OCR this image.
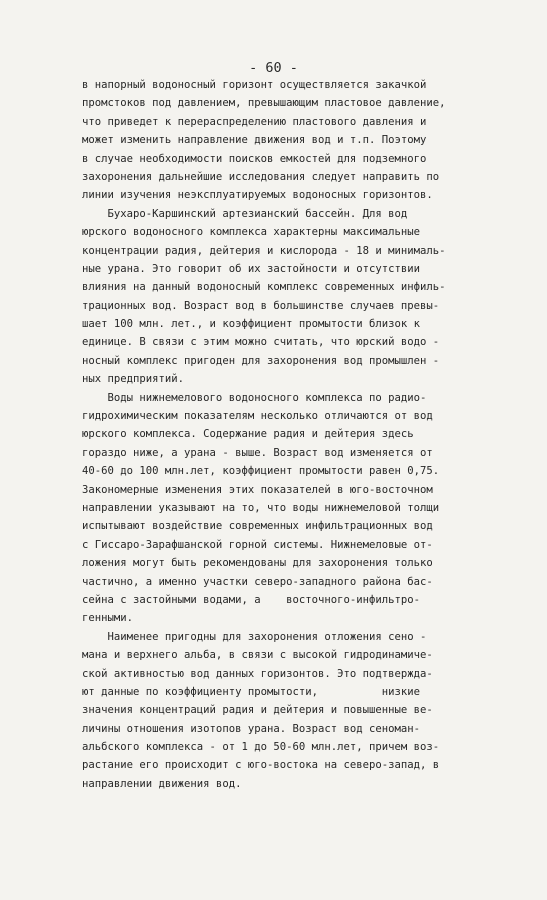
- 60 -
в напорный водоносный горизонт осуществляется закачкой
промстоков под давлением, превышающим пластовое давление,
что приведет к перераспределению пластового давления и
может изменить направление движения вод и т.п. Поэтому
в случае необходимости поисков емкостей для подземного
захоронения дальнейшие исследования следует направить по
линии изучения неэксплуатируемых водоносных горизонтов.
Бухаро-Каршинский артезианский бассейн. Для вод
юрского водоносного комплекса характерны максимальные
концентрации радия, дейтерия и кислорода - 18 и минималь-
ные урана. Это говорит об их застойности и отсутствии
влияния на данный водоносный комплекс современных инфиль-
трационных вод. Возраст вод в большинстве случаев превы-
шает 100 млн. лет., и коэффициент промытости близок к
единице. В связи с этим можно считать, что юрский водо -
носный комплекс пригоден для захоронения вод промышлен -
ных предприятий.
Воды нижнемелового водоносного комплекса по радио-
гидрохимическим показателям несколько отличаются от вод
юрского комплекса. Содержание радия и дейтерия здесь
гораздо ниже, а урана - выше. Возраст вод изменяется от
40-60 до 100 млн.лет, коэффициент промытости равен 0,75.
Закономерные изменения этих показателей в юго-восточном
направлении указывают на то, что воды нижнемеловой толщи
испытывают воздействие современных инфильтрационных вод
с Гиссаро-Зарафшанской горной системы. Нижнемеловые от-
ложения могут быть рекомендованы для захоронения только
частично, а именно участки северо-западного района бас-
сейна с застойными водами, а    восточного-инфильтро-
генными.
Наименее пригодны для захоронения отложения сено -
мана и верхнего альба, в связи с высокой гидродинамиче-
ской активностью вод данных горизонтов. Это подтвержда-
ют данные по коэффициенту промытости,          низкие
значения концентраций радия и дейтерия и повышенные ве-
личины отношения изотопов урана. Возраст вод сеноман-
альбского комплекса - от 1 до 50-60 млн.лет, причем воз-
растание его происходит с юго-востока на северо-запад, в
направлении движения вод.
